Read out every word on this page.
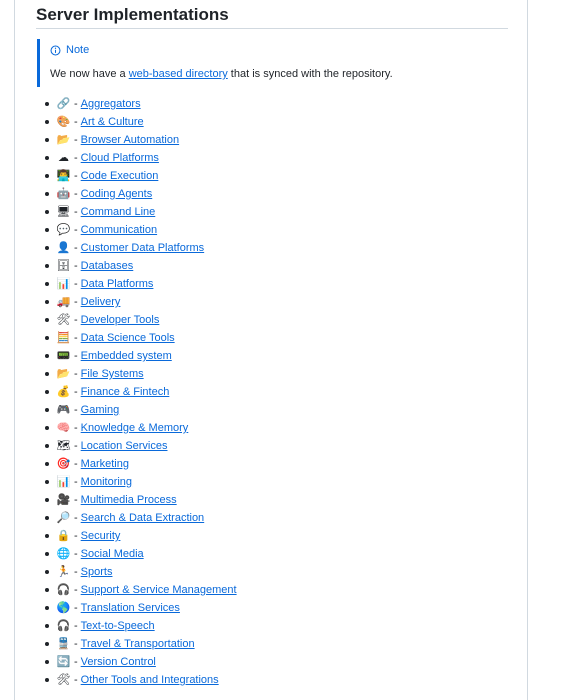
Server Implementations
Note
We now have a web-based directory that is synced with the repository.
🔗 - Aggregators
🎨 - Art & Culture
📂 - Browser Automation
☁ - Cloud Platforms
👨‍💻 - Code Execution
🤖 - Coding Agents
🖥 - Command Line
💬 - Communication
👤 - Customer Data Platforms
🗄 - Databases
📊 - Data Platforms
🚚 - Delivery
🛠 - Developer Tools
🧮 - Data Science Tools
📟 - Embedded system
📂 - File Systems
💰 - Finance & Fintech
🎮 - Gaming
🧠 - Knowledge & Memory
🗺 - Location Services
🎯 - Marketing
📊 - Monitoring
🎥 - Multimedia Process
🔎 - Search & Data Extraction
🔒 - Security
🌐 - Social Media
🏃 - Sports
🎧 - Support & Service Management
🌎 - Translation Services
🎧 - Text-to-Speech
🚆 - Travel & Transportation
🔄 - Version Control
🛠 - Other Tools and Integrations
